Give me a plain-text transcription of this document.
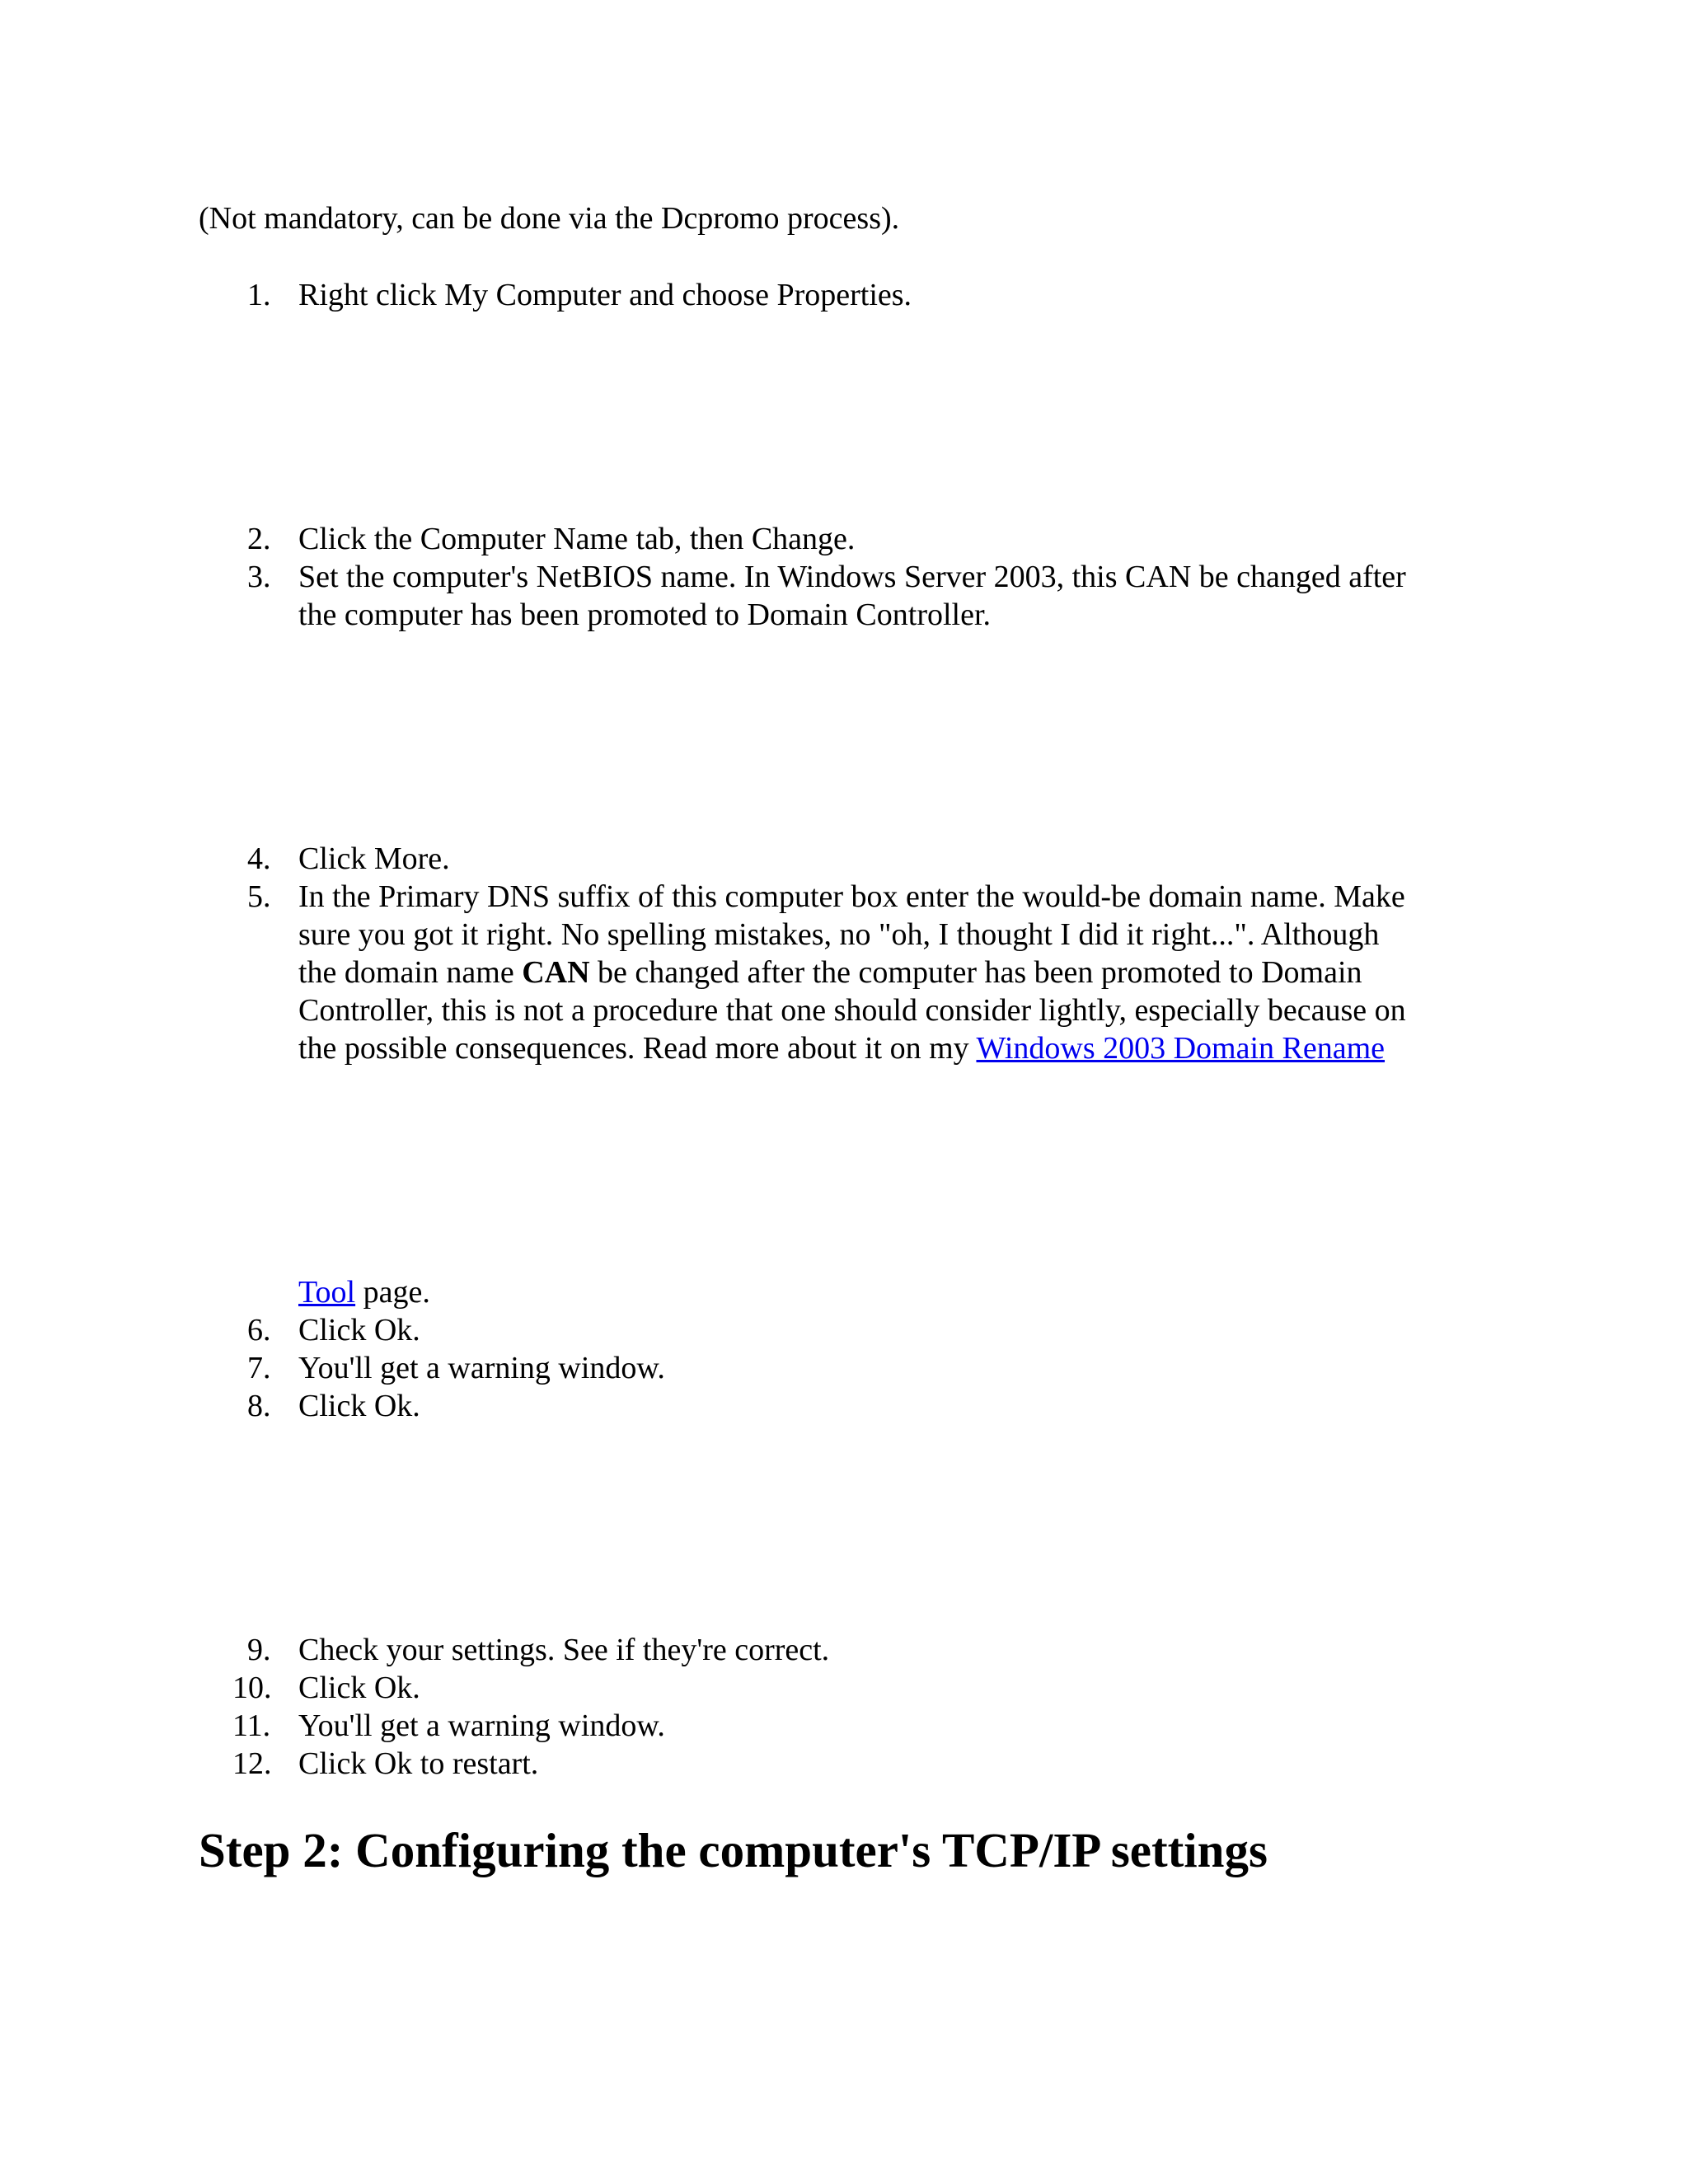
(Not mandatory, can be done via the Dcpromo process).
1. Right click My Computer and choose Properties.
2. Click the Computer Name tab, then Change.
3. Set the computer's NetBIOS name. In Windows Server 2003, this CAN be changed after
the computer has been promoted to Domain Controller.
4. Click More.
5. In the Primary DNS suffix of this computer box enter the would-be domain name. Make
sure you got it right. No spelling mistakes, no "oh, I thought I did it right...". Although
the domain name CAN be changed after the computer has been promoted to Domain
Controller, this is not a procedure that one should consider lightly, especially because on
the possible consequences. Read more about it on my Windows 2003 Domain Rename
Tool page.
6. Click Ok.
7. You'll get a warning window.
8. Click Ok.
9. Check your settings. See if they're correct.
10. Click Ok.
11. You'll get a warning window.
12. Click Ok to restart.
Step 2: Configuring the computer's TCP/IP settings
